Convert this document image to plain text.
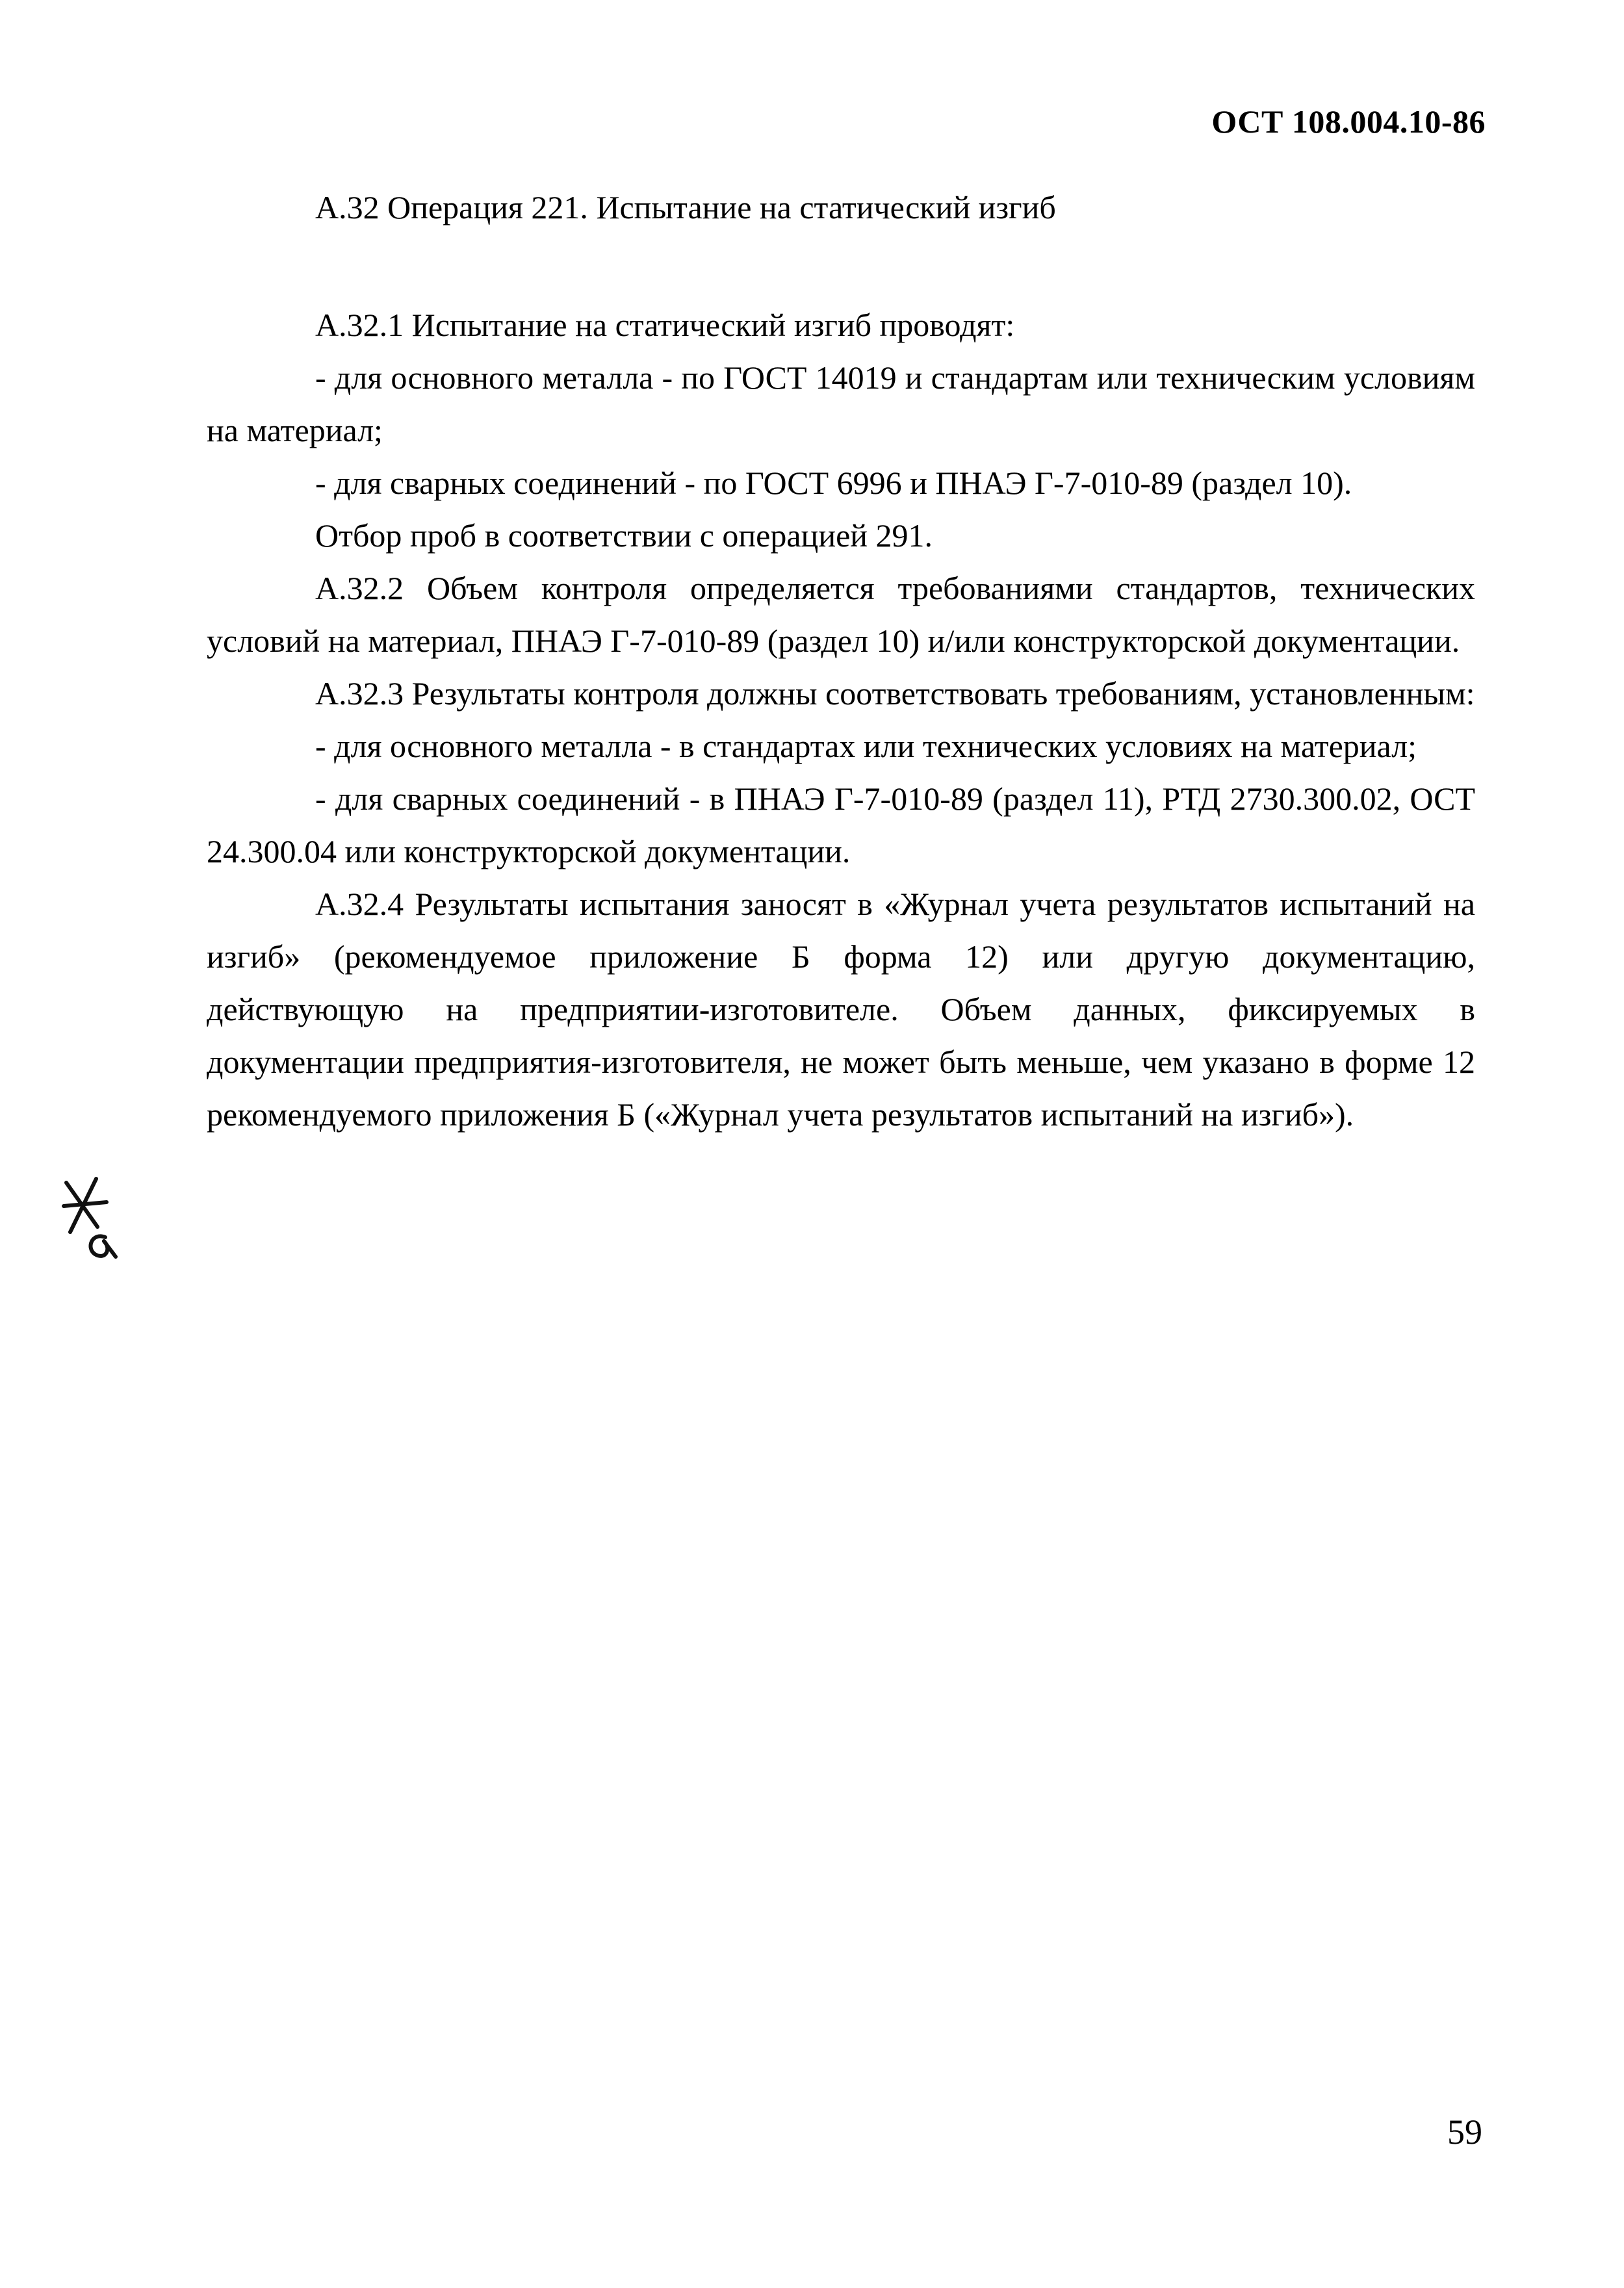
ОСТ 108.004.10-86
А.32 Операция 221. Испытание на статический изгиб

А.32.1 Испытание на статический изгиб проводят:

- для основного металла - по ГОСТ 14019 и стандартам или техническим условиям на материал;

- для сварных соединений - по ГОСТ 6996 и ПНАЭ Г-7-010-89 (раздел 10).

Отбор проб в соответствии с операцией 291.

А.32.2 Объем контроля определяется требованиями стандартов, технических условий на материал, ПНАЭ Г-7-010-89 (раздел 10) и/или конструкторской документации.

А.32.3 Результаты контроля должны соответствовать требованиям, установленным:

- для основного металла - в стандартах или технических условиях на материал;

- для сварных соединений - в ПНАЭ Г-7-010-89 (раздел 11), РТД 2730.300.02, ОСТ 24.300.04 или конструкторской документации.

А.32.4 Результаты испытания заносят в «Журнал учета результатов испытаний на изгиб» (рекомендуемое приложение Б форма 12) или другую документацию, действующую на предприятии-изготовителе. Объем данных, фиксируемых в документации предприятия-изготовителя, не может быть меньше, чем указано в форме 12 рекомендуемого приложения Б («Журнал учета результатов испытаний на изгиб»).

59
